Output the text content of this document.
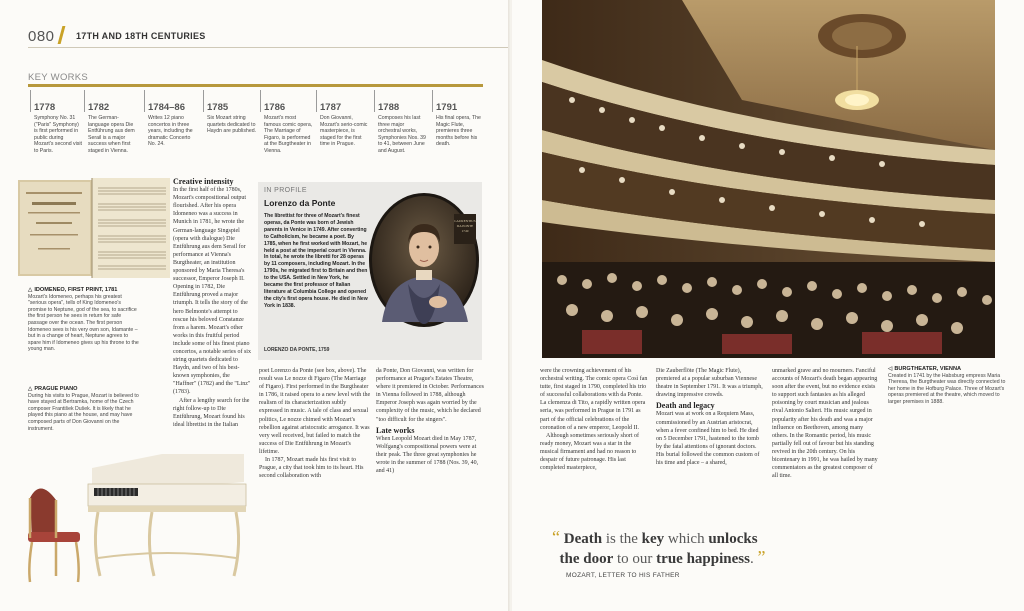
080 17TH AND 18TH CENTURIES
KEY WORKS
1778
Symphony No. 31 ("Paris" Symphony) is first performed in public during Mozart's second visit to Paris.
1782
The German-language opera Die Entführung aus dem Serail is a major success when first staged in Vienna.
1784–86
Writes 12 piano concertos in three years, including the dramatic Concerto No. 24.
1785
Six Mozart string quartets dedicated to Haydn are published.
1786
Mozart's most famous comic opera, The Marriage of Figaro, is performed at the Burgtheater in Vienna.
1787
Don Giovanni, Mozart's serio-comic masterpiece, is staged for the first time in Prague.
1788
Composes his last three major orchestral works, Symphonies Nos. 39 to 41, between June and August.
1791
His final opera, The Magic Flute, premieres three months before his death.
△ IDOMENEO, FIRST PRINT, 1781
Mozart's Idomeneo, perhaps his greatest "serious opera", tells of King Idomeneo's promise to Neptune, god of the sea, to sacrifice the first person he sees in return for safe passage over the ocean. The first person Idomeneo sees is his very own son, Idamante – but in a change of heart, Neptune agrees to spare him if Idomeneo gives up his throne to the young man.
△ PRAGUE PIANO
During his visits to Prague, Mozart is believed to have stayed at Bertramka, home of the Czech composer František Dušek. It is likely that he played this piano at the house, and may have composed parts of Don Giovanni on the instrument.

Creative intensity

In the first half of the 1780s, Mozart's compositional output flourished. After his opera Idomeneo was a success in Munich in 1781, he wrote the German-language Singspiel (opera with dialogue) Die Entführung aus dem Serail for performance at Vienna's Burgtheater, an institution sponsored by Maria Theresa's successor, Emperor Joseph II. Opening in 1782, Die Entführung proved a major triumph. It tells the story of the hero Belmonte's attempt to rescue his beloved Constanze from a harem. Mozart's other works in this fruitful period include some of his finest piano concertos, a notable series of six string quartets dedicated to Haydn, and two of his best-known symphonies, the "Haffner" (1782) and the "Linz" (1783).

After a lengthy search for the right follow-up to Die Entführung, Mozart found his ideal librettist in the Italian

IN PROFILE
Lorenzo da Ponte
The librettist for three of Mozart's finest operas, da Ponte was born of Jewish parents in Venice in 1749. After converting to Catholicism, he became a poet. By 1785, when he first worked with Mozart, he held a post at the imperial court in Vienna. In total, he wrote the libretti for 28 operas by 11 composers, including Mozart. In the 1790s, he migrated first to Britain and then to the USA. Settled in New York, he became the first professor of Italian literature at Columbia College and opened the city's first opera house. He died in New York in 1838.
LAURENTIUS
DA PONTE
1749
LORENZO DA PONTE, 1759

poet Lorenzo da Ponte (see box, above). The result was Le nozze di Figaro (The Marriage of Figaro). First performed in the Burgtheater in 1786, it raised opera to a new level with the realism of its characterization subtly expressed in music. A tale of class and sexual politics, Le nozze chimed with Mozart's rebellion against aristocratic arrogance. It was very well received, but failed to match the success of Die Entführung in Mozart's lifetime.

In 1787, Mozart made his first visit to Prague, a city that took him to its heart. His second collaboration with

da Ponte, Don Giovanni, was written for performance at Prague's Estates Theatre, where it premiered in October. Performances in Vienna followed in 1788, although Emperor Joseph was again worried by the complexity of the music, which he declared "too difficult for the singers".

Late works

When Leopold Mozart died in May 1787, Wolfgang's compositional powers were at their peak. The three great symphonies he wrote in the summer of 1788 (Nos. 39, 40, and 41)

◁ BURGTHEATER, VIENNA
Created in 1741 by the Habsburg empress Maria Theresa, the Burgtheater was directly connected to her home in the Hofburg Palace. Three of Mozart's operas premiered at the theatre, which moved to larger premises in 1888.

were the crowning achievement of his orchestral writing. The comic opera Così fan tutte, first staged in 1790, completed his trio of successful collaborations with da Ponte. La clemenza di Tito, a rapidly written opera seria, was performed in Prague in 1791 as part of the official celebrations of the coronation of a new emperor, Leopold II.

Although sometimes seriously short of ready money, Mozart was a star in the musical firmament and had no reason to despair of future patronage. His last completed masterpiece,

Die Zauberflöte (The Magic Flute), premiered at a popular suburban Viennese theatre in September 1791. It was a triumph, drawing impressive crowds.

Death and legacy

Mozart was at work on a Requiem Mass, commissioned by an Austrian aristocrat, when a fever confined him to bed. He died on 5 December 1791, hastened to the tomb by the fatal attentions of ignorant doctors. His burial followed the common custom of his time and place – a shared,

unmarked grave and no mourners. Fanciful accounts of Mozart's death began appearing soon after the event, but no evidence exists to support such fantasies as his alleged poisoning by court musician and jealous rival Antonio Salieri. His music surged in popularity after his death and was a major influence on Beethoven, among many others. In the Romantic period, his music partially fell out of favour but his standing revived in the 20th century. On his bicentenary in 1991, he was hailed by many commentators as the greatest composer of all time.

“ Death is the key which unlocks
the door to our true happiness. ”
MOZART, LETTER TO HIS FATHER
